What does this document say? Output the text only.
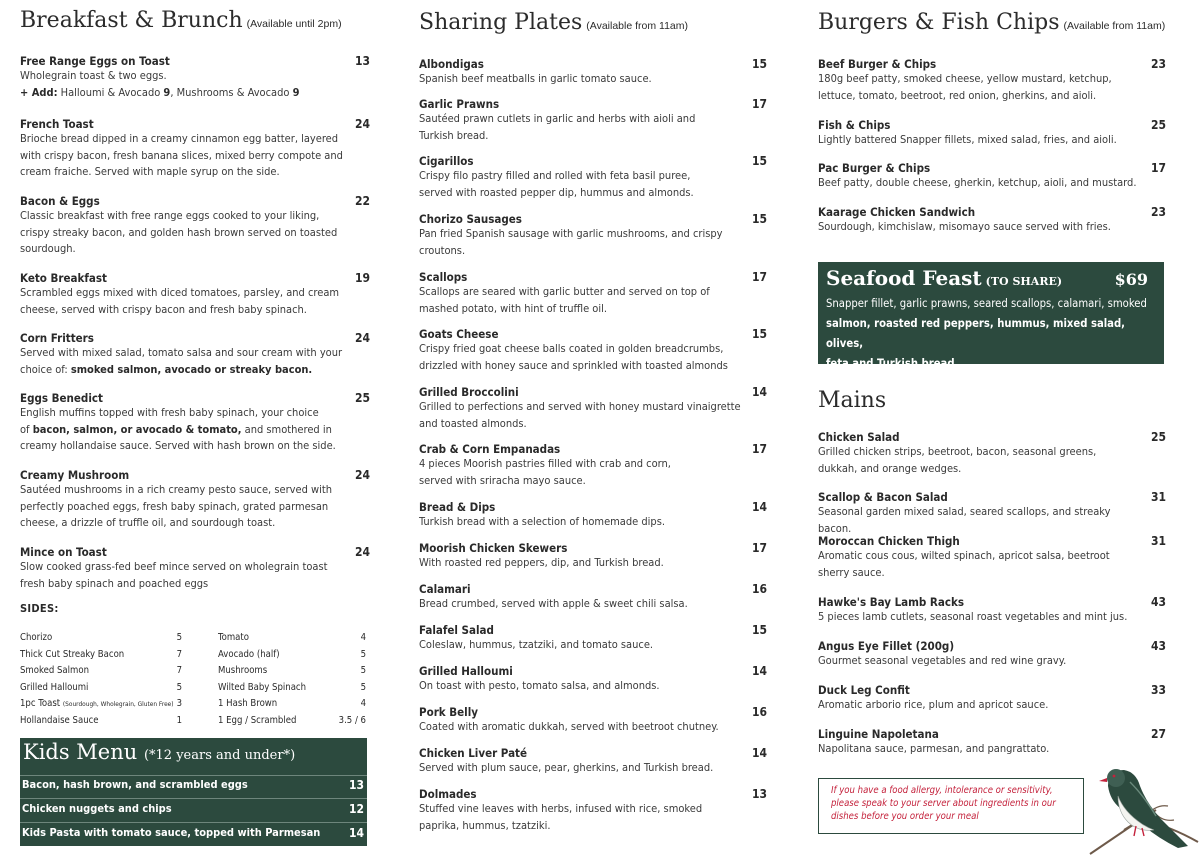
Breakfast & Brunch (Available until 2pm)
Free Range Eggs on Toast	13
Wholegrain toast & two eggs.
+ Add: Halloumi & Avocado 9, Mushrooms & Avocado 9
French Toast	24
Brioche bread dipped in a creamy cinnamon egg batter, layered
with crispy bacon, fresh banana slices, mixed berry compote and
cream fraiche. Served with maple syrup on the side.
Bacon & Eggs	22
Classic breakfast with free range eggs cooked to your liking,
crispy streaky bacon, and golden hash brown served on toasted
sourdough.
Keto Breakfast	19
Scrambled eggs mixed with diced tomatoes, parsley, and cream
cheese, served with crispy bacon and fresh baby spinach.
Corn Fritters	24
Served with mixed salad, tomato salsa and sour cream with your
choice of: smoked salmon, avocado or streaky bacon.
Eggs Benedict	25
English muffins topped with fresh baby spinach, your choice
of bacon, salmon, or avocado & tomato, and smothered in
creamy hollandaise sauce. Served with hash brown on the side.
Creamy Mushroom	24
Sautéed mushrooms in a rich creamy pesto sauce, served with
perfectly poached eggs, fresh baby spinach, grated parmesan
cheese, a drizzle of truffle oil, and sourdough toast.
Mince on Toast	24
Slow cooked grass-fed beef mince served on wholegrain toast
fresh baby spinach and poached eggs
SIDES:
Chorizo	5
Thick Cut Streaky Bacon	7
Smoked Salmon	7
Grilled Halloumi	5
1pc Toast (Sourdough, Wholegrain, Gluten Free) 3
Hollandaise Sauce	1
Tomato	4
Avocado (half)	5
Mushrooms	5
Wilted Baby Spinach	5
1 Hash Brown	4
1 Egg / Scrambled	3.5 / 6
Kids Menu (*12 years and under*)
Bacon, hash brown, and scrambled eggs	13
Chicken nuggets and chips	12
Kids Pasta with tomato sauce, topped with Parmesan 14
Sharing Plates (Available from 11am)
Albondigas	15
Spanish beef meatballs in garlic tomato sauce.
Garlic Prawns	17
Sautéed prawn cutlets in garlic and herbs with aioli and
Turkish bread.
Cigarillos	15
Crispy filo pastry filled and rolled with feta basil puree,
served with roasted pepper dip, hummus and almonds.
Chorizo Sausages	15
Pan fried Spanish sausage with garlic mushrooms, and crispy
croutons.
Scallops	17
Scallops are seared with garlic butter and served on top of
mashed potato, with hint of truffle oil.
Goats Cheese	15
Crispy fried goat cheese balls coated in golden breadcrumbs,
drizzled with honey sauce and sprinkled with toasted almonds
Grilled Broccolini	14
Grilled to perfections and served with honey mustard vinaigrette
and toasted almonds.
Crab & Corn Empanadas	17
4 pieces Moorish pastries filled with crab and corn,
served with sriracha mayo sauce.
Bread & Dips	14
Turkish bread with a selection of homemade dips.
Moorish Chicken Skewers	17
With roasted red peppers, dip, and Turkish bread.
Calamari	16
Bread crumbed, served with apple & sweet chili salsa.
Falafel Salad	15
Coleslaw, hummus, tzatziki, and tomato sauce.
Grilled Halloumi	14
On toast with pesto, tomato salsa, and almonds.
Pork Belly	16
Coated with aromatic dukkah, served with beetroot chutney.
Chicken Liver Paté	14
Served with plum sauce, pear, gherkins, and Turkish bread.
Dolmades	13
Stuffed vine leaves with herbs, infused with rice, smoked
paprika, hummus, tzatziki.
Burgers & Fish Chips (Available from 11am)
Beef Burger & Chips	23
180g beef patty, smoked cheese, yellow mustard, ketchup,
lettuce, tomato, beetroot, red onion, gherkins, and aioli.
Fish & Chips	25
Lightly battered Snapper fillets, mixed salad, fries, and aioli.
Pac Burger & Chips	17
Beef patty, double cheese, gherkin, ketchup, aioli, and mustard.
Kaarage Chicken Sandwich	23
Sourdough, kimchislaw, misomayo sauce served with fries.
Mains
Chicken Salad	25
Grilled chicken strips, beetroot, bacon, seasonal greens,
dukkah, and orange wedges.
Scallop & Bacon Salad	31
Seasonal garden mixed salad, seared scallops, and streaky bacon.
Moroccan Chicken Thigh	31
Aromatic cous cous, wilted spinach, apricot salsa, beetroot
sherry sauce.
Hawke's Bay Lamb Racks	43
5 pieces lamb cutlets, seasonal roast vegetables and mint jus.
Angus Eye Fillet (200g)	43
Gourmet seasonal vegetables and red wine gravy.
Duck Leg Confit	33
Aromatic arborio rice, plum and apricot sauce.
Linguine Napoletana	27
Napolitana sauce, parmesan, and pangrattato.
Seafood Feast (TO SHARE)	$69
Snapper fillet, garlic prawns, seared scallops, calamari, smoked
salmon, roasted red peppers, hummus, mixed salad, olives,
feta and Turkish bread.
If you have a food allergy, intolerance or sensitivity,
please speak to your server about ingredients in our
dishes before you order your meal
